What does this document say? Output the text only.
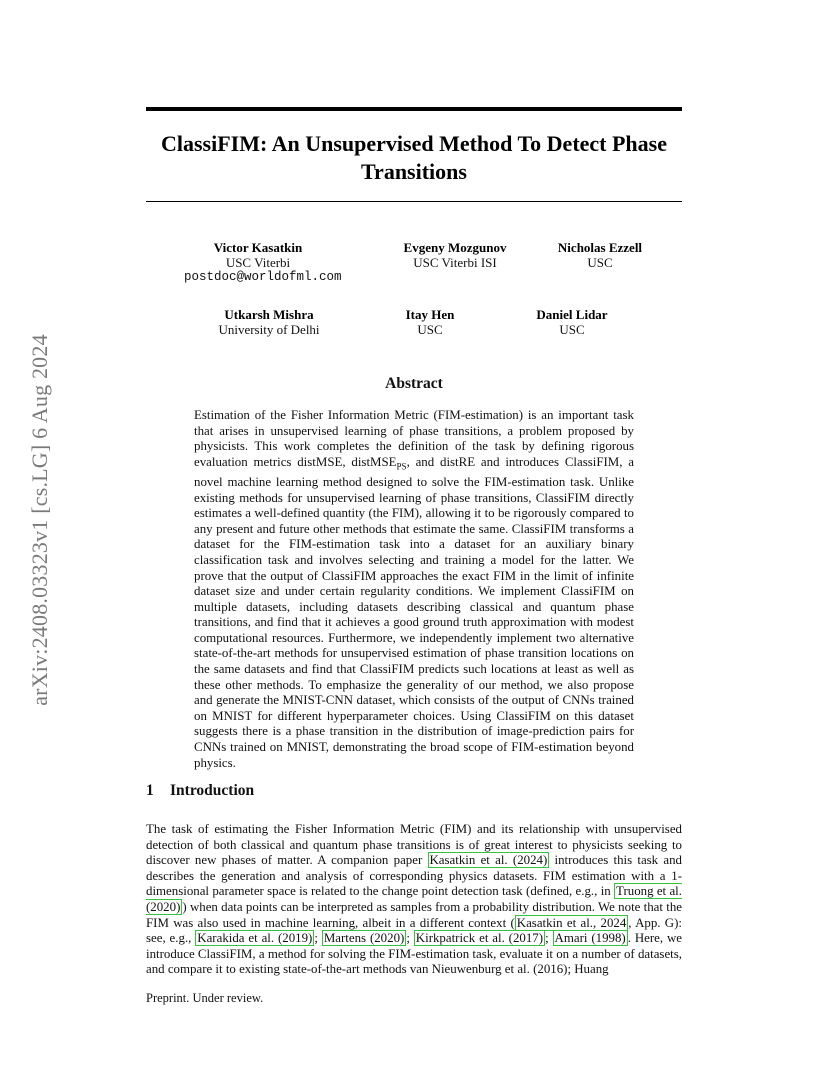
arXiv:2408.03323v1 [cs.LG] 6 Aug 2024
ClassiFIM: An Unsupervised Method To Detect Phase Transitions
Victor Kasatkin
USC Viterbi
postdoc@worldofml.com
Evgeny Mozgunov
USC Viterbi ISI
Nicholas Ezzell
USC
Utkarsh Mishra
University of Delhi
Itay Hen
USC
Daniel Lidar
USC
Abstract

Estimation of the Fisher Information Metric (FIM-estimation) is an important task that arises in unsupervised learning of phase transitions, a problem proposed by physicists. This work completes the definition of the task by defining rigorous evaluation metrics distMSE, distMSE$_{PS}$, and distRE and introduces ClassiFIM, a novel machine learning method designed to solve the FIM-estimation task. Unlike existing methods for unsupervised learning of phase transitions, ClassiFIM directly estimates a well-defined quantity (the FIM), allowing it to be rigorously compared to any present and future other methods that estimate the same. ClassiFIM transforms a dataset for the FIM-estimation task into a dataset for an auxiliary binary classification task and involves selecting and training a model for the latter. We prove that the output of ClassiFIM approaches the exact FIM in the limit of infinite dataset size and under certain regularity conditions. We implement ClassiFIM on multiple datasets, including datasets describing classical and quantum phase transitions, and find that it achieves a good ground truth approximation with modest computational resources. Furthermore, we independently implement two alternative state-of-the-art methods for unsupervised estimation of phase transition locations on the same datasets and find that ClassiFIM predicts such locations at least as well as these other methods. To emphasize the generality of our method, we also propose and generate the MNIST-CNN dataset, which consists of the output of CNNs trained on MNIST for different hyperparameter choices. Using ClassiFIM on this dataset suggests there is a phase transition in the distribution of image-prediction pairs for CNNs trained on MNIST, demonstrating the broad scope of FIM-estimation beyond physics.

1 Introduction

The task of estimating the Fisher Information Metric (FIM) and its relationship with unsupervised detection of both classical and quantum phase transitions is of great interest to physicists seeking to discover new phases of matter. A companion paper Kasatkin et al. (2024) introduces this task and describes the generation and analysis of corresponding physics datasets. FIM estimation with a 1-dimensional parameter space is related to the change point detection task (defined, e.g., in Truong et al. (2020) ) when data points can be interpreted as samples from a probability distribution. We note that the FIM was also used in machine learning, albeit in a different context ( Kasatkin et al., 2024 , App. G): see, e.g., Karakida et al. (2019) ; Martens (2020) ; Kirkpatrick et al. (2017) ; Amari (1998) . Here, we introduce ClassiFIM, a method for solving the FIM-estimation task, evaluate it on a number of datasets, and compare it to existing state-of-the-art methods van Nieuwenburg et al. (2016); Huang

Preprint. Under review.
